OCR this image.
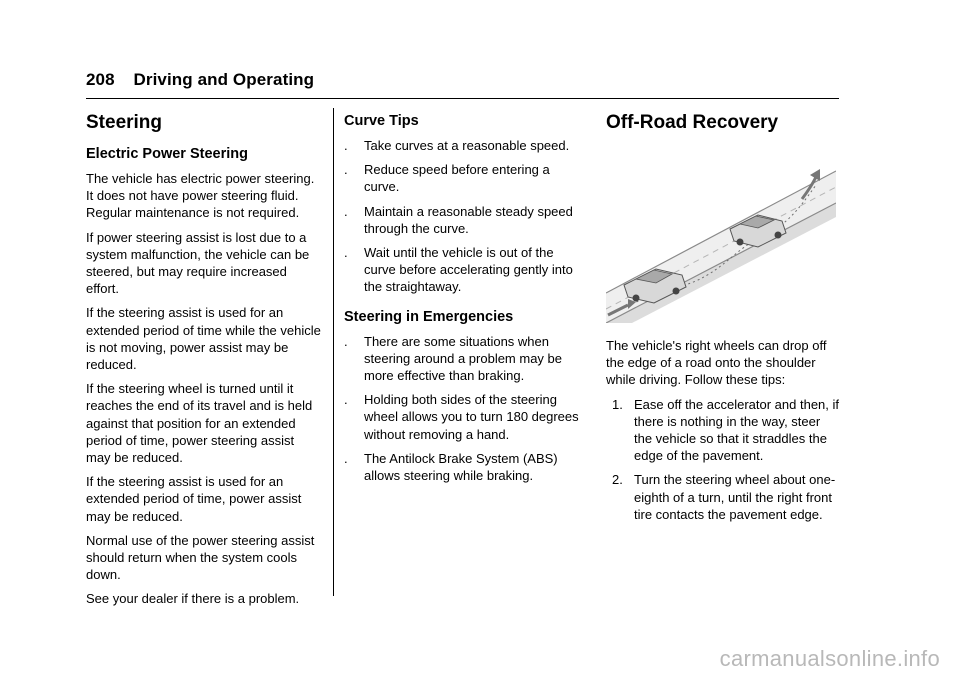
208 Driving and Operating
Steering
Electric Power Steering

The vehicle has electric power steering. It does not have power steering fluid. Regular maintenance is not required.

If power steering assist is lost due to a system malfunction, the vehicle can be steered, but may require increased effort.

If the steering assist is used for an extended period of time while the vehicle is not moving, power assist may be reduced.

If the steering wheel is turned until it reaches the end of its travel and is held against that position for an extended period of time, power steering assist may be reduced.

If the steering assist is used for an extended period of time, power assist may be reduced.

Normal use of the power steering assist should return when the system cools down.

See your dealer if there is a problem.

Curve Tips
.	Take curves at a reasonable speed.
.	Reduce speed before entering a curve.
.	Maintain a reasonable steady speed through the curve.
.	Wait until the vehicle is out of the curve before accelerating gently into the straightaway.
Steering in Emergencies
.	There are some situations when steering around a problem may be more effective than braking.
.	Holding both sides of the steering wheel allows you to turn 180 degrees without removing a hand.
.	The Antilock Brake System (ABS) allows steering while braking.
Off-Road Recovery

The vehicle's right wheels can drop off the edge of a road onto the shoulder while driving. Follow these tips:

1. Ease off the accelerator and then, if there is nothing in the way, steer the vehicle so that it straddles the edge of the pavement.
2. Turn the steering wheel about one-eighth of a turn, until the right front tire contacts the pavement edge.
carmanualsonline.info
